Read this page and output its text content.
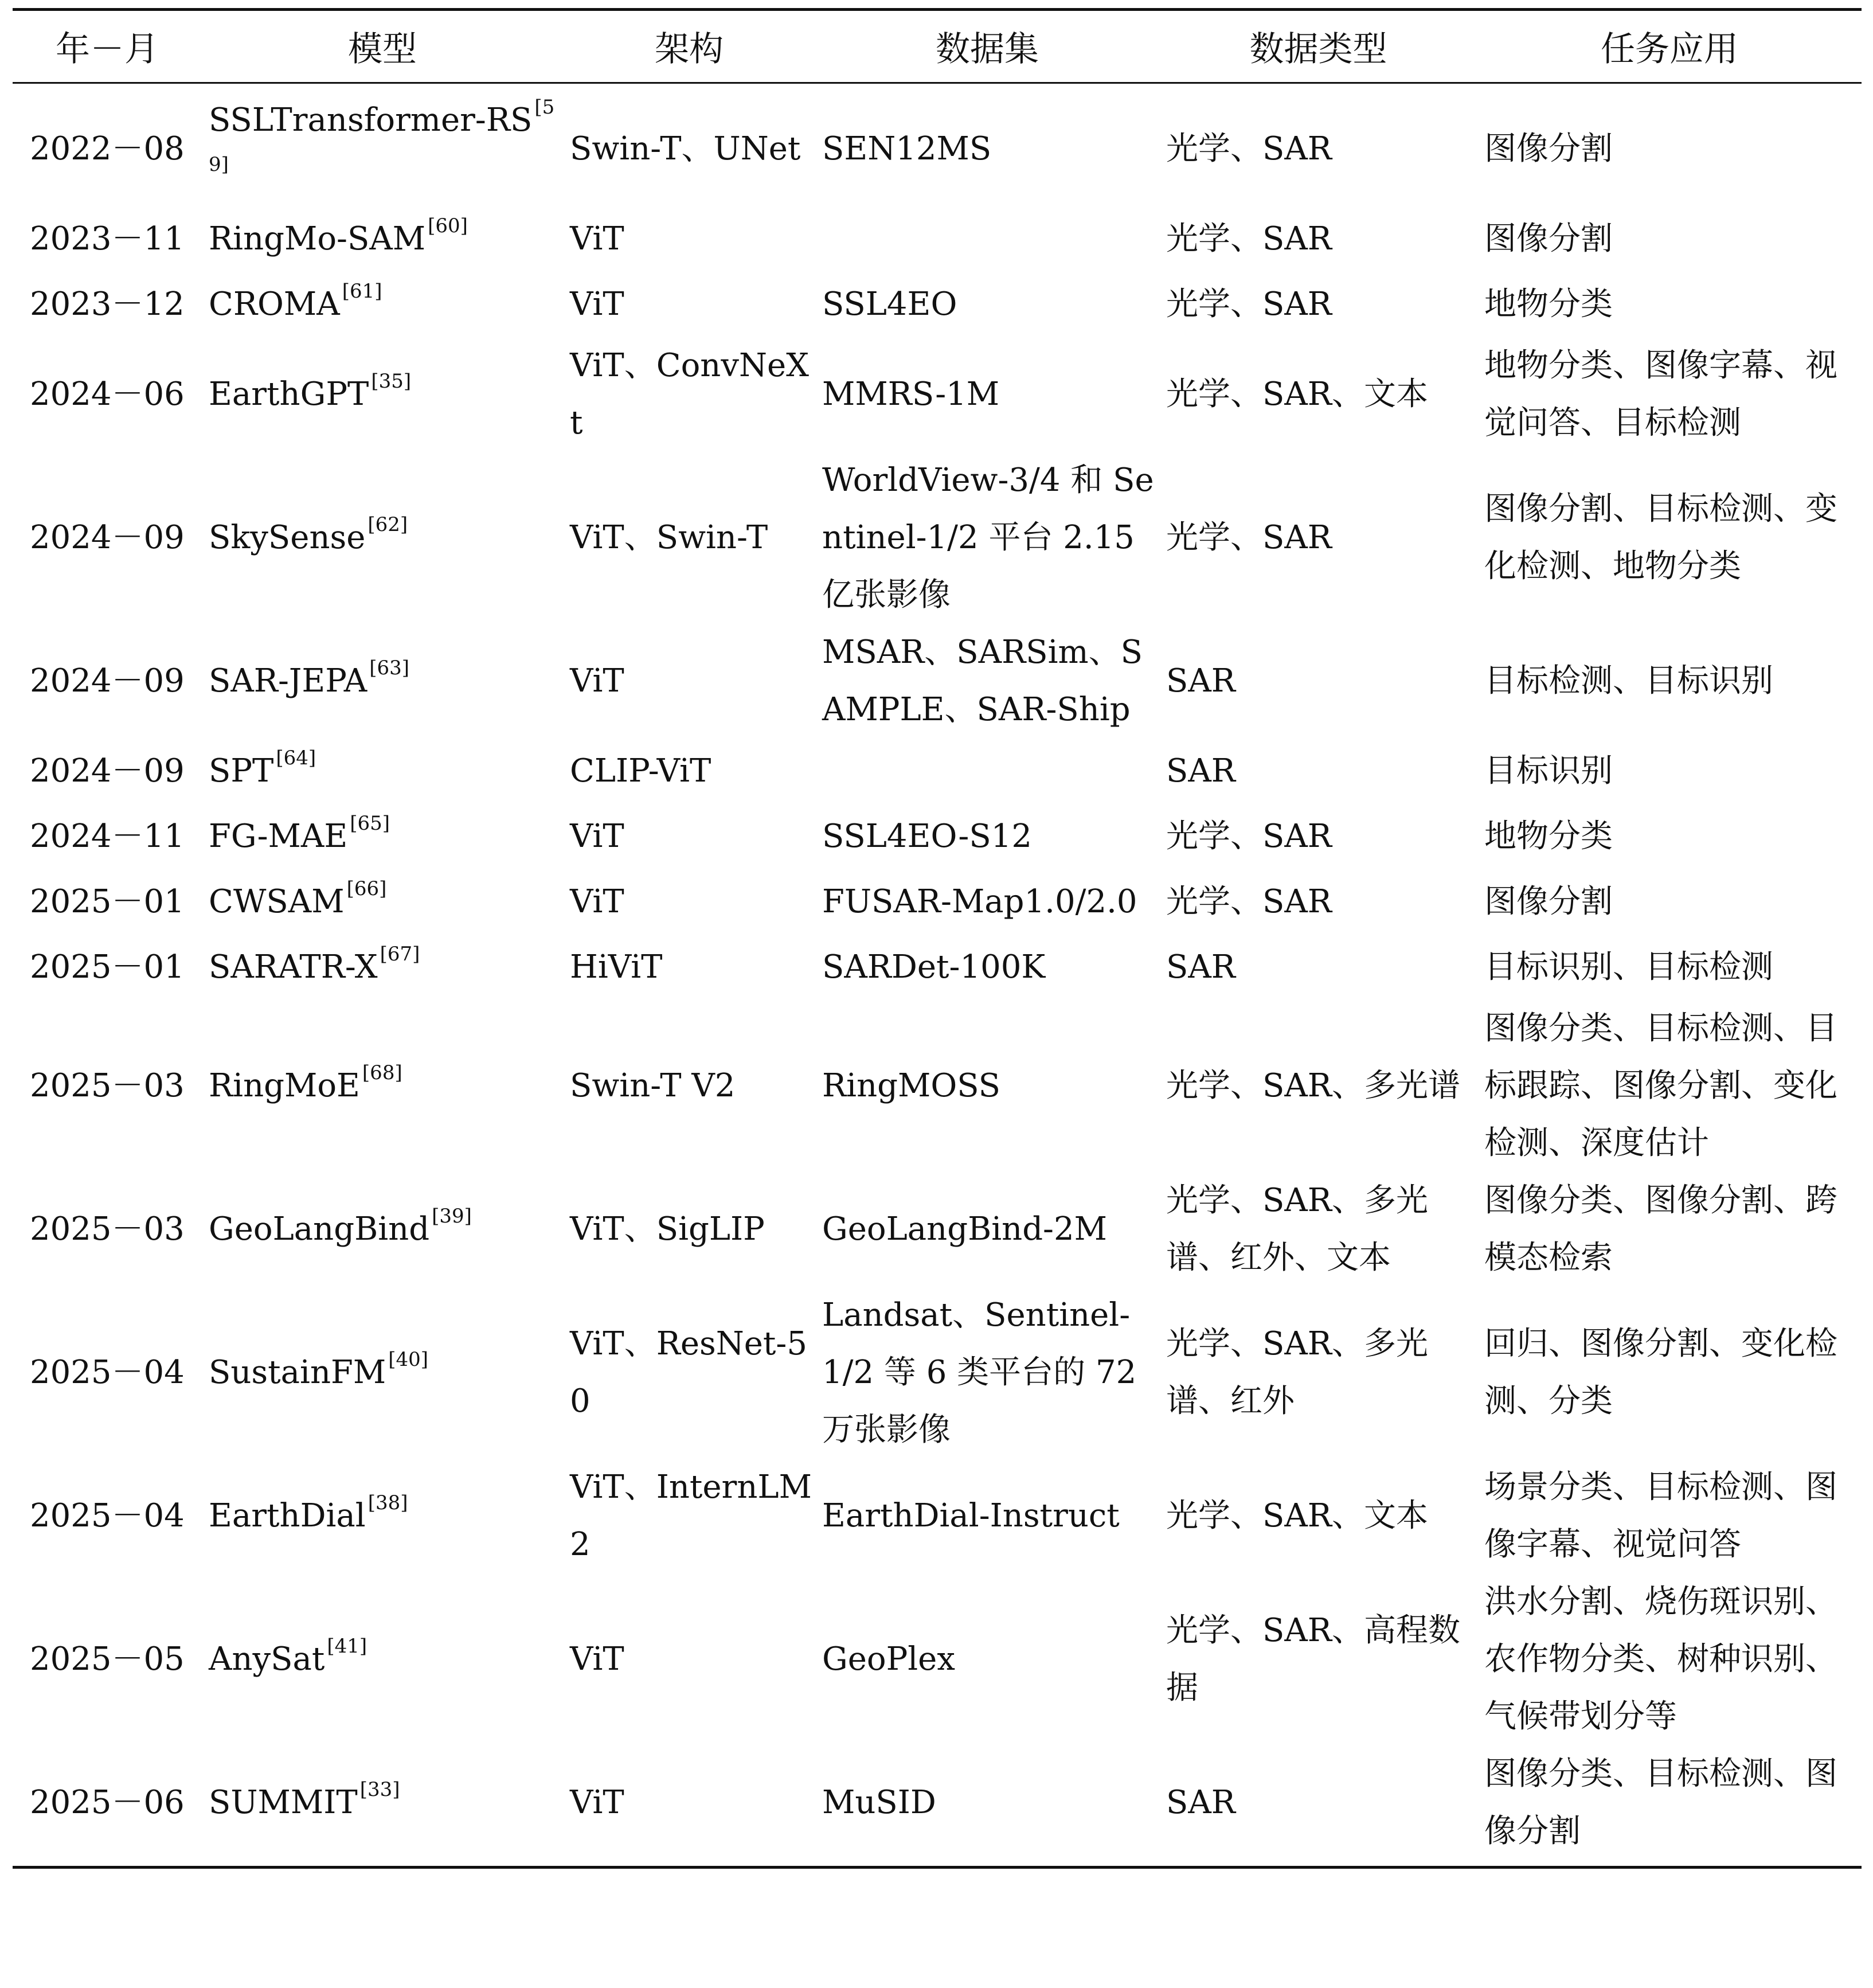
年－月	模型	架构	数据集	数据类型	任务应用
2022－08	SSLTransformer-RS [59]	Swin-T、UNet	SEN12MS	光学、SAR	图像分割
2023－11	RingMo-SAM [60]	ViT		光学、SAR	图像分割
2023－12	CROMA [61]	ViT	SSL4EO	光学、SAR	地物分类
2024－06	EarthGPT [35]	ViT、ConvNeXt	MMRS-1M	光学、SAR、文本	地物分类、图像字幕、视觉问答、目标检测
2024－09	SkySense [62]	ViT、Swin-T	WorldView-3/4 和 Sentinel-1/2 平台 2.15 亿张影像	光学、SAR	图像分割、目标检测、变化检测、地物分类
2024－09	SAR-JEPA [63]	ViT	MSAR、SARSim、SAMPLE、SAR-Ship	SAR	目标检测、目标识别
2024－09	SPT [64]	CLIP-ViT		SAR	目标识别
2024－11	FG-MAE [65]	ViT	SSL4EO-S12	光学、SAR	地物分类
2025－01	CWSAM [66]	ViT	FUSAR-Map1.0/2.0	光学、SAR	图像分割
2025－01	SARATR-X [67]	HiViT	SARDet-100K	SAR	目标识别、目标检测
2025－03	RingMoE [68]	Swin-T V2	RingMOSS	光学、SAR、多光谱	图像分类、目标检测、目标跟踪、图像分割、变化检测、深度估计
2025－03	GeoLangBind [39]	ViT、SigLIP	GeoLangBind-2M	光学、SAR、多光谱、红外、文本	图像分类、图像分割、跨模态检索
2025－04	SustainFM [40]	ViT、ResNet-50	Landsat、Sentinel-1/2 等 6 类平台的 72 万张影像	光学、SAR、多光谱、红外	回归、图像分割、变化检测、分类
2025－04	EarthDial [38]	ViT、InternLM2	EarthDial-Instruct	光学、SAR、文本	场景分类、目标检测、图像字幕、视觉问答
2025－05	AnySat [41]	ViT	GeoPlex	光学、SAR、高程数据	洪水分割、烧伤斑识别、农作物分类、树种识别、气候带划分等
2025－06	SUMMIT [33]	ViT	MuSID	SAR	图像分类、目标检测、图像分割
